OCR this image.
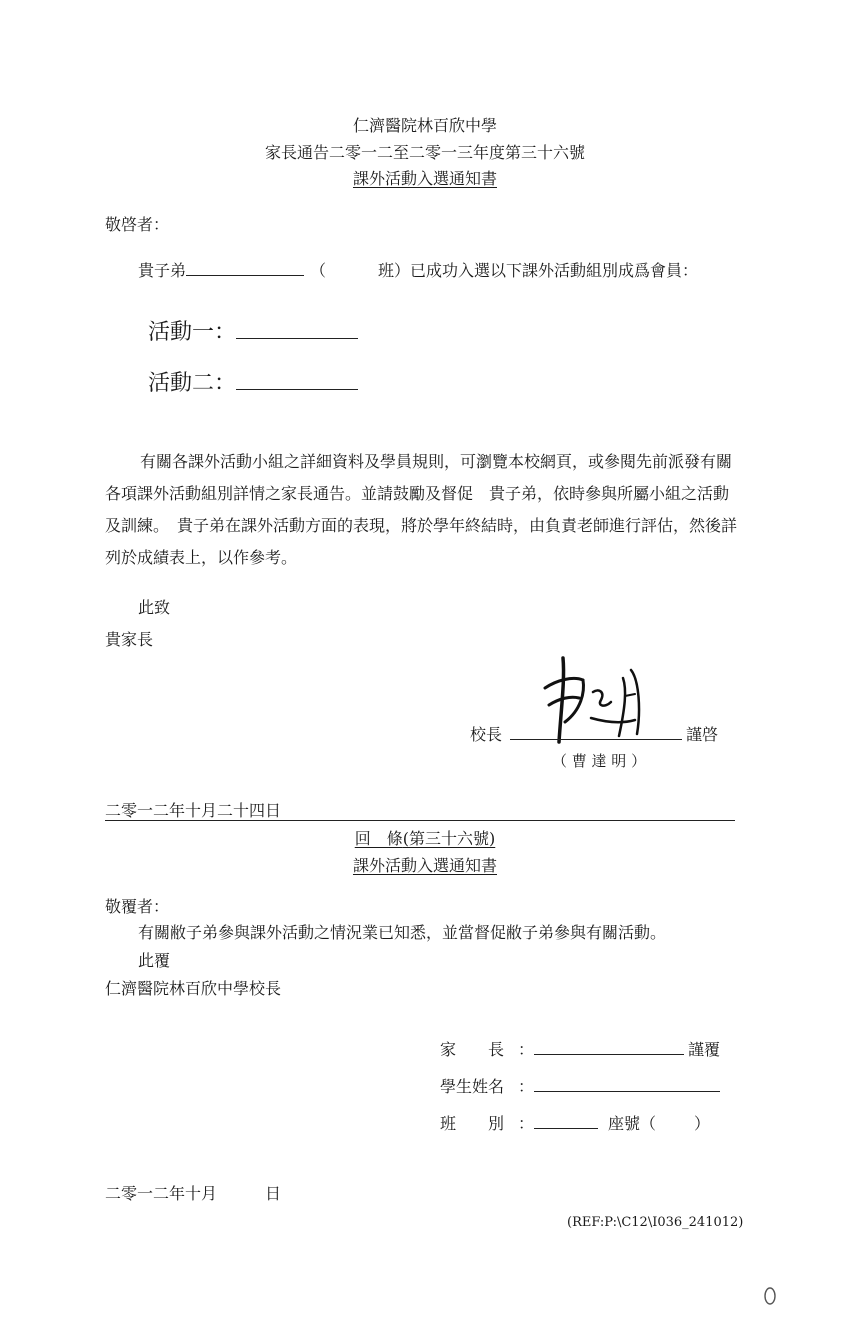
仁濟醫院林百欣中學
家長通告二零一二至二零一三年度第三十六號
課外活動入選通知書
敬啓者：
貴子弟	（	班）已成功入選以下課外活動組別成爲會員：
活動一：
活動二：
有關各課外活動小組之詳細資料及學員規則，可瀏覽本校網頁，或參閱先前派發有關各項課外活動組別詳情之家長通告。並請鼓勵及督促　貴子弟，依時參與所屬小組之活動及訓練。　貴子弟在課外活動方面的表現，將於學年終結時，由負責老師進行評估，然後詳列於成績表上，以作參考。
此致
貴家長
校長	謹啓
（ 曹 達 明 ）
二零一二年十月二十四日
回　條(第三十六號)
課外活動入選通知書
敬覆者：
有關敝子弟參與課外活動之情況業已知悉，並當督促敝子弟參與有關活動。
此覆
仁濟醫院林百欣中學校長
家　　長 ：	謹覆
學生姓名 ：
班　　別 ：	座號（ ）
二零一二年十月　　　日
(REF:P:\C12\I036_241012)
